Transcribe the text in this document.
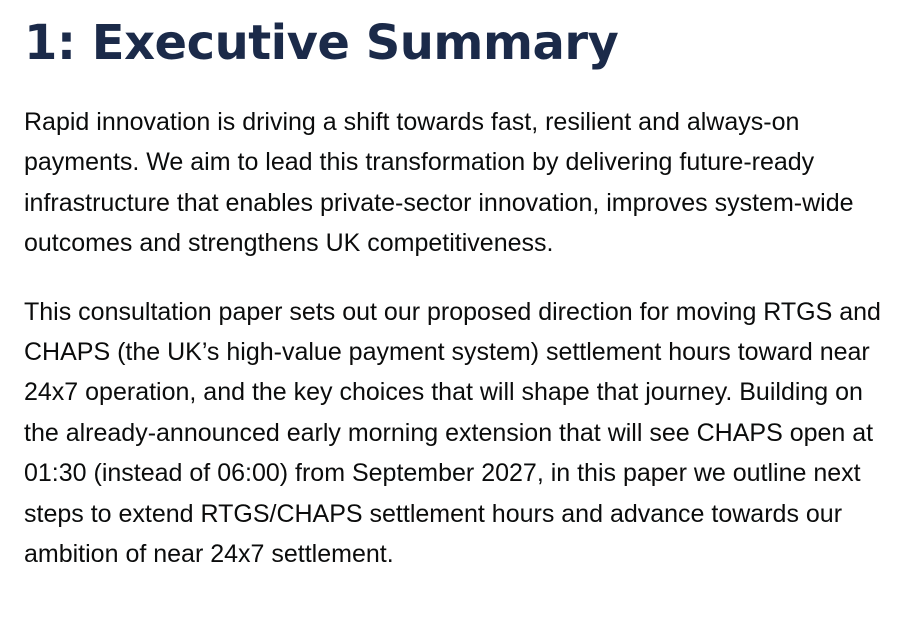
1: Executive Summary

Rapid innovation is driving a shift towards fast, resilient and always-on payments. We aim to lead this transformation by delivering future-ready infrastructure that enables private-sector innovation, improves system-wide outcomes and strengthens UK competitiveness.

This consultation paper sets out our proposed direction for moving RTGS and CHAPS (the UK’s high-value payment system) settlement hours toward near 24x7 operation, and the key choices that will shape that journey. Building on the already-announced early morning extension that will see CHAPS open at 01:30 (instead of 06:00) from September 2027, in this paper we outline next steps to extend RTGS/CHAPS settlement hours and advance towards our ambition of near 24x7 settlement.
